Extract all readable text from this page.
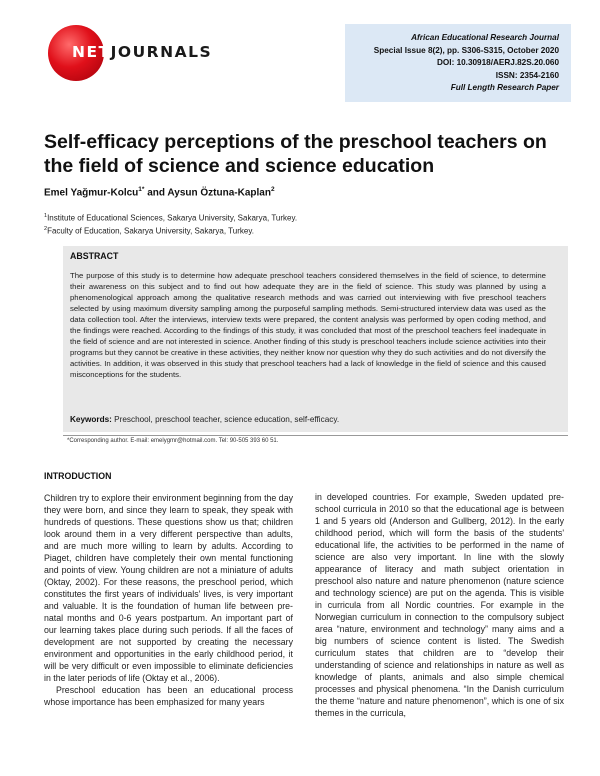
NETJOURNALS
African Educational Research Journal
Special Issue 8(2), pp. S306-S315, October 2020
DOI: 10.30918/AERJ.82S.20.060
ISSN: 2354-2160
Full Length Research Paper
Self-efficacy perceptions of the preschool teachers on the field of science and science education
Emel Yağmur-Kolcu$^{1*}$ and Aysun Öztuna-Kaplan$^2$
$^1$Institute of Educational Sciences, Sakarya University, Sakarya, Turkey.
$^2$Faculty of Education, Sakarya University, Sakarya, Turkey.
ABSTRACT
The purpose of this study is to determine how adequate preschool teachers considered themselves in the field of science, to determine their awareness on this subject and to find out how adequate they are in the field of science. This study was planned by using a phenomenological approach among the qualitative research methods and was carried out interviewing with five preschool teachers selected by using maximum diversity sampling among the purposeful sampling methods. Semi-structured interview data was used as the data collection tool. After the interviews, interview texts were prepared, the content analysis was performed by open coding method, and the findings were reached. According to the findings of this study, it was concluded that most of the preschool teachers feel inadequate in the field of science and are not interested in science. Another finding of this study is preschool teachers include science activities into their programs but they cannot be creative in these activities, they neither know nor question why they do such activities and do not diversify the activities. In addition, it was observed in this study that preschool teachers had a lack of knowledge in the field of science and this caused misconceptions for the students.
Keywords: Preschool, preschool teacher, science education, self-efficacy.
*Corresponding author. E-mail: emelygmr@hotmail.com. Tel: 90-505 393 60 51.
INTRODUCTION

Children try to explore their environment beginning from the day they were born, and since they learn to speak, they speak with hundreds of questions. These questions show us that; children look around them in a very different perspective than adults, and are much more willing to learn by adults. According to Piaget, children have completely their own mental functioning and points of view. Young children are not a miniature of adults (Oktay, 2002). For these reasons, the preschool period, which constitutes the first years of individuals' lives, is very important and valuable. It is the foundation of human life between pre-natal months and 0-6 years postpartum. An important part of our learning takes place during such periods. If all the faces of development are not supported by creating the necessary environment and opportunities in the early childhood period, it will be very difficult or even impossible to eliminate deficiencies in the later periods of life (Oktay et al., 2006).

Preschool education has been an educational process whose importance has been emphasized for many years

in developed countries. For example, Sweden updated pre-school curricula in 2010 so that the educational age is between 1 and 5 years old (Anderson and Gullberg, 2012). In the early childhood period, which will form the basis of the students' educational life, the activities to be performed in the name of science are also very important. In line with the slowly appearance of literacy and math subject orientation in preschool also nature and nature phenomenon (nature science and technology science) are put on the agenda. This is visible in curricula from all Nordic countries. For example in the Norwegian curriculum in connection to the compulsory subject area “nature, environment and technology” many aims and a big numbers of science content is listed. The Swedish curriculum states that children are to “develop their understanding of science and relationships in nature as well as knowledge of plants, animals and also simple chemical processes and physical phenomena. “In the Danish curriculum the theme “nature and nature phenomenon”, which is one of six themes in the curricula,
